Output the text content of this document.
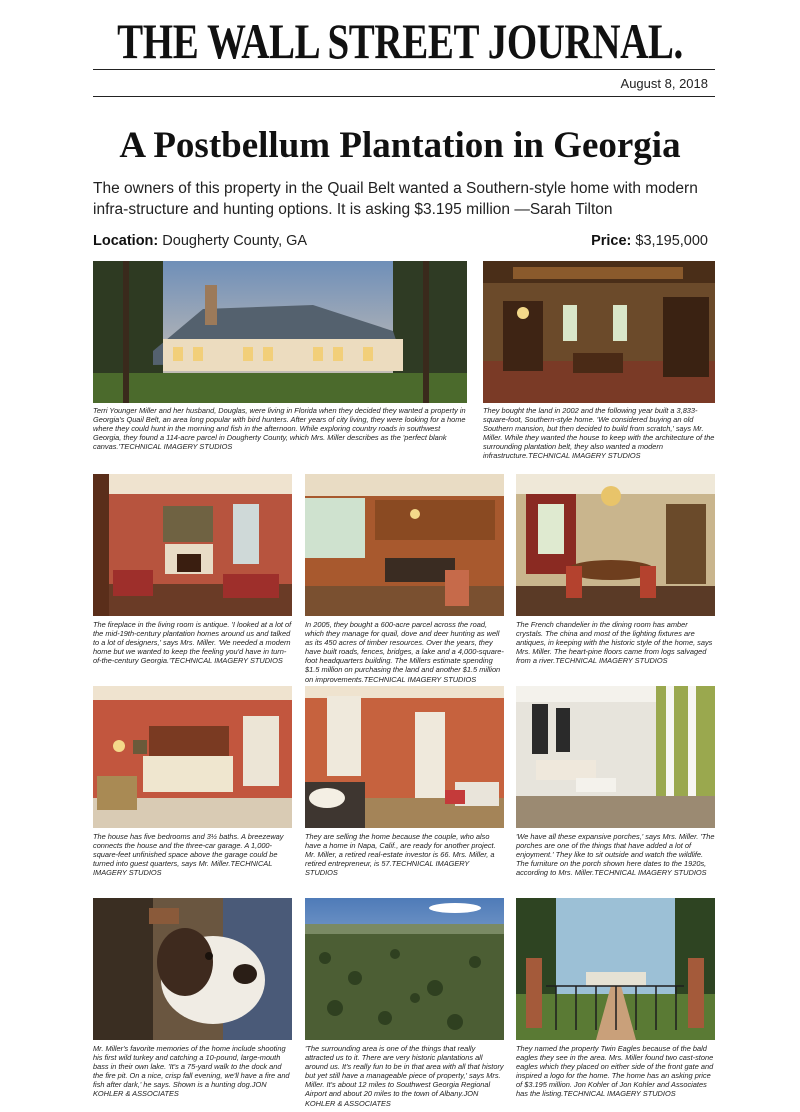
THE WALL STREET JOURNAL.
August 8, 2018
A Postbellum Plantation in Georgia

The owners of this property in the Quail Belt wanted a Southern-style home with modern infra-structure and hunting options. It is asking $3.195 million —Sarah Tilton

Location: Dougherty County, GA	Price: $3,195,000
Terri Younger Miller and her husband, Douglas, were living in Florida when they decided they wanted a property in Georgia's Quail Belt, an area long popular with bird hunters. After years of city living, they were looking for a home where they could hunt in the morning and fish in the afternoon. While exploring country roads in southwest Georgia, they found a 114-acre parcel in Dougherty County, which Mrs. Miller describes as the 'perfect blank canvas.'TECHNICAL IMAGERY STUDIOS
They bought the land in 2002 and the following year built a 3,833-square-foot, Southern-style home. 'We considered buying an old Southern mansion, but then decided to build from scratch,' says Mr. Miller. While they wanted the house to keep with the architecture of the surrounding plantation belt, they also wanted a modern infrastructure.TECHNICAL IMAGERY STUDIOS
The fireplace in the living room is antique. 'I looked at a lot of the mid-19th-century plantation homes around us and talked to a lot of designers,' says Mrs. Miller. 'We needed a modern home but we wanted to keep the feeling you'd have in turn-of-the-century Georgia.'TECHNICAL IMAGERY STUDIOS
In 2005, they bought a 600-acre parcel across the road, which they manage for quail, dove and deer hunting as well as its 450 acres of timber resources. Over the years, they have built roads, fences, bridges, a lake and a 4,000-square-foot headquarters building. The Millers estimate spending $1.5 million on purchasing the land and another $1.5 million on improvements.TECHNICAL IMAGERY STUDIOS
The French chandelier in the dining room has amber crystals. The china and most of the lighting fixtures are antiques, in keeping with the historic style of the home, says Mrs. Miller. The heart-pine floors came from logs salvaged from a river.TECHNICAL IMAGERY STUDIOS
The house has five bedrooms and 3½ baths. A breezeway connects the house and the three-car garage. A 1,000-square-feet unfinished space above the garage could be turned into guest quarters, says Mr. Miller.TECHNICAL IMAGERY STUDIOS
They are selling the home because the couple, who also have a home in Napa, Calif., are ready for another project. Mr. Miller, a retired real-estate investor is 66. Mrs. Miller, a retired entrepreneur, is 57.TECHNICAL IMAGERY STUDIOS
'We have all these expansive porches,' says Mrs. Miller. 'The porches are one of the things that have added a lot of enjoyment.' They like to sit outside and watch the wildlife. The furniture on the porch shown here dates to the 1920s, according to Mrs. Miller.TECHNICAL IMAGERY STUDIOS
Mr. Miller's favorite memories of the home include shooting his first wild turkey and catching a 10-pound, large-mouth bass in their own lake. 'It's a 75-yard walk to the dock and the fire pit. On a nice, crisp fall evening, we'll have a fire and fish after dark,' he says. Shown is a hunting dog.JON KOHLER & ASSOCIATES
'The surrounding area is one of the things that really attracted us to it. There are very historic plantations all around us. It's really fun to be in that area with all that history but yet still have a manageable piece of property,' says Mrs. Miller. It's about 12 miles to Southwest Georgia Regional Airport and about 20 miles to the town of Albany.JON KOHLER & ASSOCIATES
They named the property Twin Eagles because of the bald eagles they see in the area. Mrs. Miller found two cast-stone eagles which they placed on either side of the front gate and inspired a logo for the home. The home has an asking price of $3.195 million. Jon Kohler of Jon Kohler and Associates has the listing.TECHNICAL IMAGERY STUDIOS
